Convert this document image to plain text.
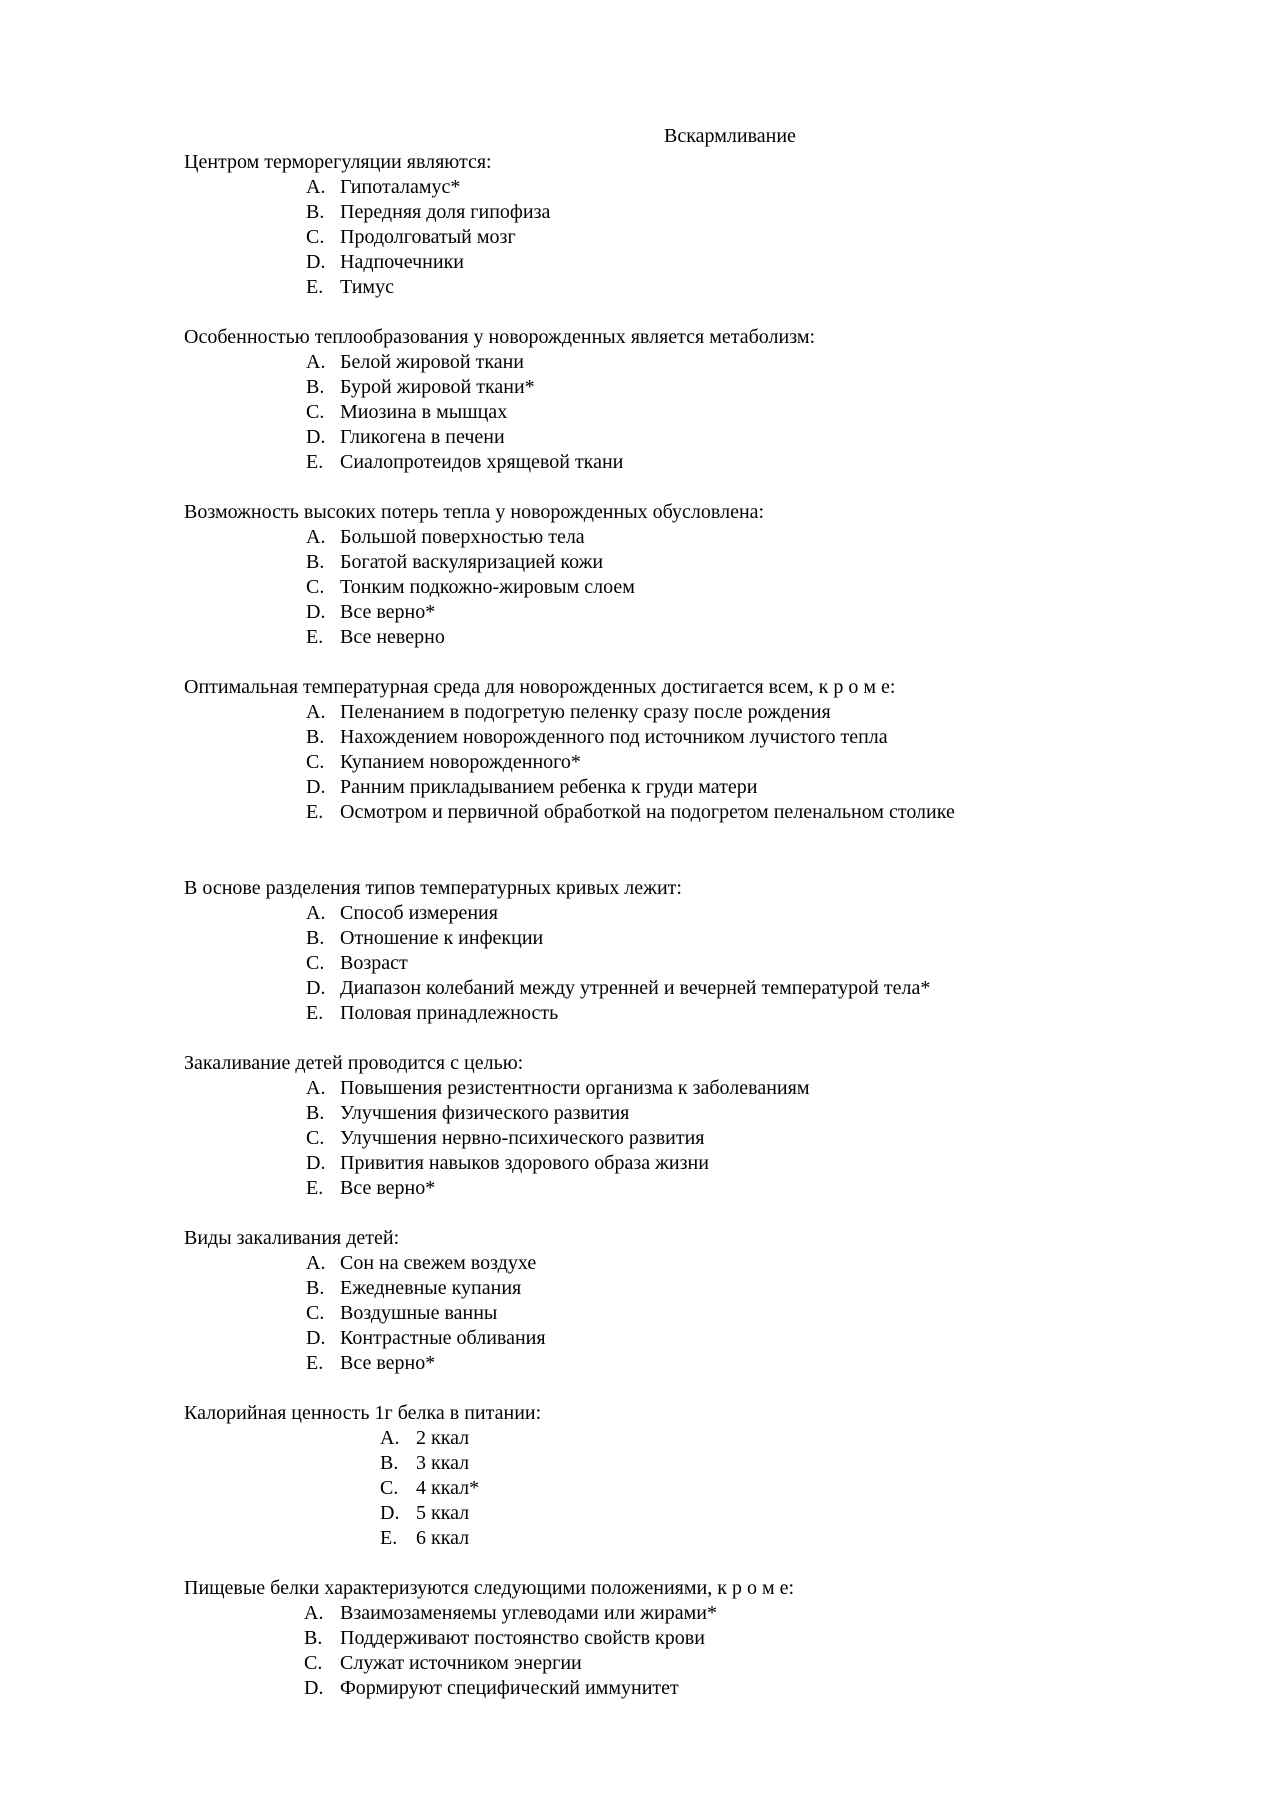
Вскармливание
Центром терморегуляции являются:
A. Гипоталамус*
B. Передняя доля гипофиза
C. Продолговатый мозг
D. Надпочечники
E. Тимус
Особенностью теплообразования у новорожденных является метаболизм:
A. Белой жировой ткани
B. Бурой жировой ткани*
C. Миозина в мышцах
D. Гликогена в печени
E. Сиалопротеидов хрящевой ткани
Возможность высоких потерь тепла у новорожденных обусловлена:
A. Большой поверхностью тела
B. Богатой васкуляризацией кожи
C. Тонким подкожно-жировым слоем
D. Все верно*
E. Все неверно
Оптимальная температурная среда для новорожденных достигается всем, к р о м е:
A. Пеленанием в подогретую пеленку сразу после рождения
B. Нахождением новорожденного под источником лучистого тепла
C. Купанием новорожденного*
D. Ранним прикладыванием ребенка к груди матери
E. Осмотром и первичной обработкой на подогретом пеленальном столике
В основе разделения типов температурных кривых лежит:
A. Способ измерения
B. Отношение к инфекции
C. Возраст
D. Диапазон колебаний между утренней и вечерней температурой тела*
E. Половая принадлежность
Закаливание детей проводится с целью:
A. Повышения резистентности организма к заболеваниям
B. Улучшения физического развития
C. Улучшения нервно-психического развития
D. Привития навыков здорового образа жизни
E. Все верно*
Виды закаливания детей:
A. Сон на свежем воздухе
B. Ежедневные купания
C. Воздушные ванны
D. Контрастные обливания
E. Все верно*
Калорийная ценность 1г белка в питании:
A. 2 ккал
B. 3 ккал
C. 4 ккал*
D. 5 ккал
E. 6 ккал
Пищевые белки характеризуются следующими положениями, к р о м е:
A. Взаимозаменяемы углеводами или жирами*
B. Поддерживают постоянство свойств крови
C. Служат источником энергии
D. Формируют специфический иммунитет
